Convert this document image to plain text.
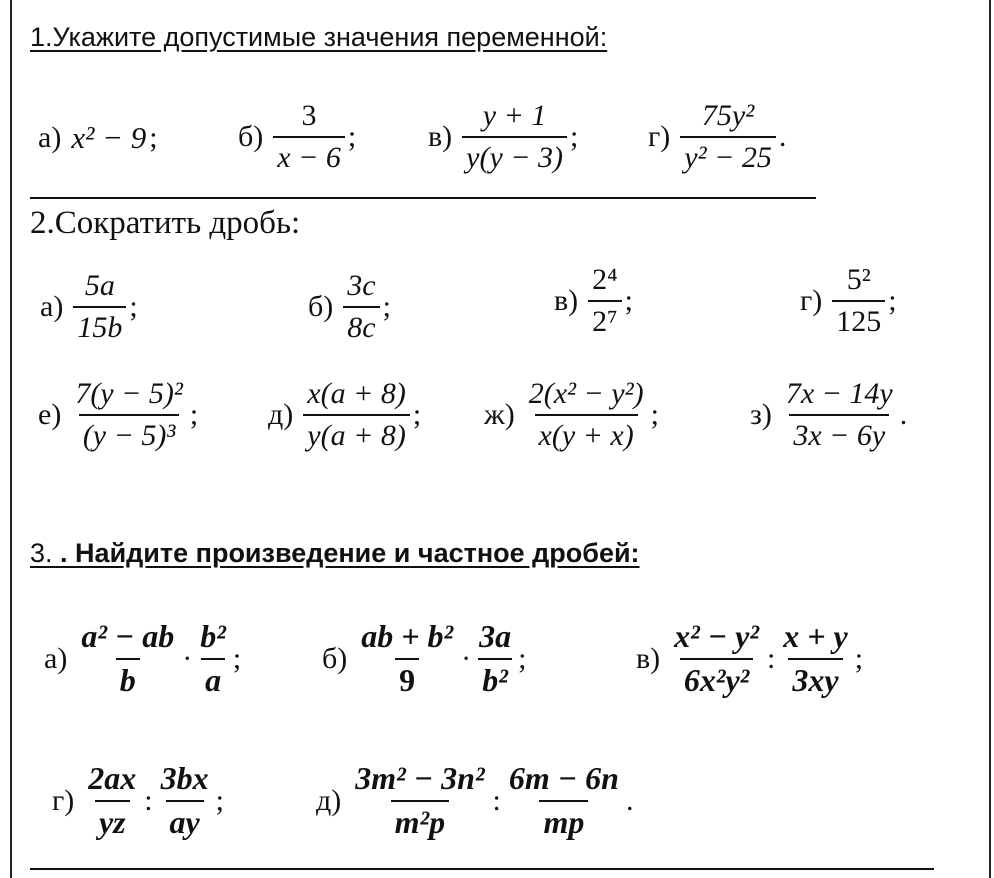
1.Укажите допустимые значения переменной:
а) x² − 9 ;	$б) \frac{3}{x - 6}$ ; $в) \frac{y + 1}{y(y - 3)}$ ; $г) \frac{\text{75y²}}{\text{y² − 25}}$ .
2.Сократить дробь:
$а) \frac{5a}{15b}$ ;	$б) \frac{3c}{8c}$ ;	$в) \frac{\text{2⁴}}{\text{2⁷}}$ ;	$г) \frac{\text{5²}}{125}$ ;
$е) \frac{\text{7(y − 5)²}}{\text{(y − 5)³}}$ ; $д) \frac{x(a + 8)}{y(a + 8)}$ ; $ж) \frac{\text{2(x² − y²)}}{x(y + x)}$ ;	$з) \frac{7x - 14y}{3x - 6y}$ .
3. . Найдите произведение и частное дробей:
$а) \frac{\text{a² − ab}}{b} \cdot \frac{\text{b²}}{a}$ ;	$б) \frac{\text{ab + b²}}{9} \cdot \frac{3a}{\text{b²}}$ ;	$в) \frac{\text{x² − y²}}{\text{6x²y²}}$ : $\frac{x + y}{3xy}$ ;
$г) \frac{2ax}{yz}$ : $\frac{3bx}{ay}$ ;	$д) \frac{\text{3m² − 3n²}}{\text{m²p}}$ : $\frac{6m - 6n}{mp}$ .
